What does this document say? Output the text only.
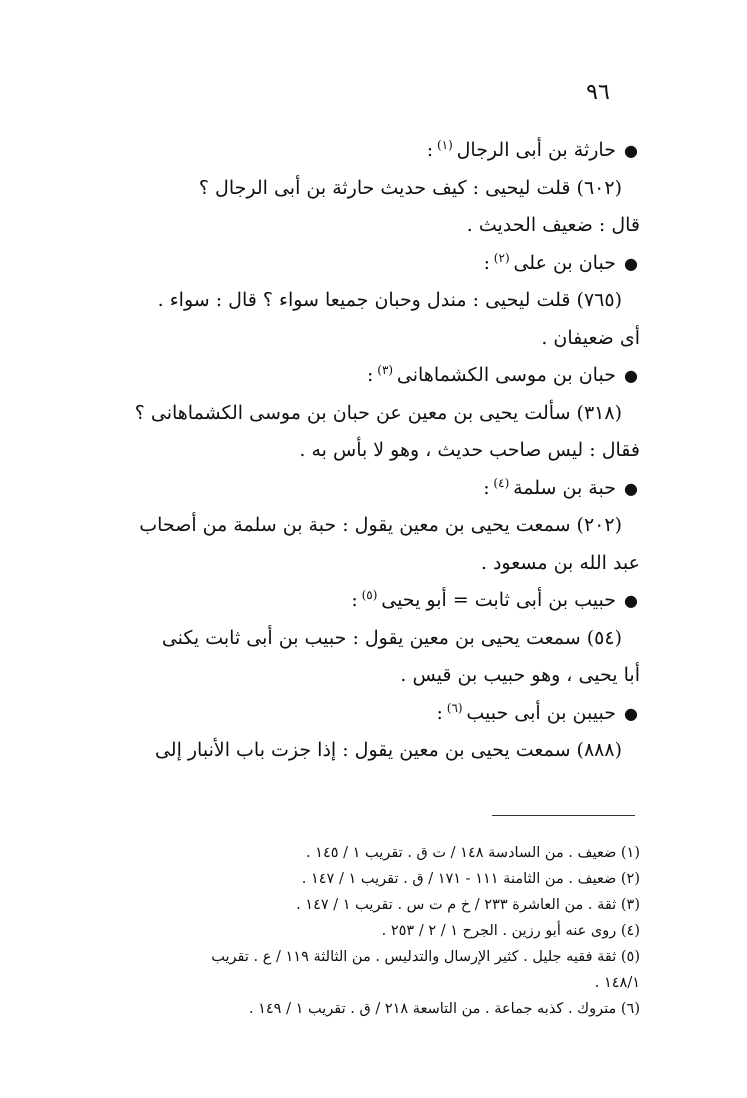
٩٦
● حارثة بن أبى الرجال $^{(١)}$ :
(٦٠٢) قلت ليحيى : كيف حديث حارثة بن أبى الرجال ؟
قال : ضعيف الحديث .
● حبان بن على $^{(٢)}$ :
(٧٦٥) قلت ليحيى : مندل وحبان جميعا سواء ؟ قال : سواء .
أى ضعيفان .
● حبان بن موسى الكشماهانى $^{(٣)}$ :
(٣١٨) سألت يحيى بن معين عن حبان بن موسى الكشماهانى ؟
فقال : ليس صاحب حديث ، وهو لا بأس به .
● حبة بن سلمة $^{(٤)}$ :
(٢٠٢) سمعت يحيى بن معين يقول : حبة بن سلمة من أصحاب
عبد الله بن مسعود .
● حبيب بن أبى ثابت = أبو يحيى $^{(٥)}$ :
(٥٤) سمعت يحيى بن معين يقول : حبيب بن أبى ثابت يكنى
أبا يحيى ، وهو حبيب بن قيس .
● حبيبن بن أبى حبيب $^{(٦)}$ :
(٨٨٨) سمعت يحيى بن معين يقول : إذا جزت باب الأنبار إلى
(١) ضعيف . من السادسة ١٤٨ / ت ق . تقريب ١ / ١٤٥ .
(٢) ضعيف . من الثامنة ١١١ - ١٧١ / ق . تقريب ١ / ١٤٧ .
(٣) ثقة . من العاشرة ٢٣٣ / خ م ت س . تقريب ١ / ١٤٧ .
(٤) روى عنه أبو رزين . الجرح ١ / ٢ / ٢٥٣ .
(٥) ثقة فقيه جليل . كثير الإرسال والتدليس . من الثالثة ١١٩ / ع . تقريب
١٤٨/١ .
(٦) متروك . كذبه جماعة . من التاسعة ٢١٨ / ق . تقريب ١ / ١٤٩ .
